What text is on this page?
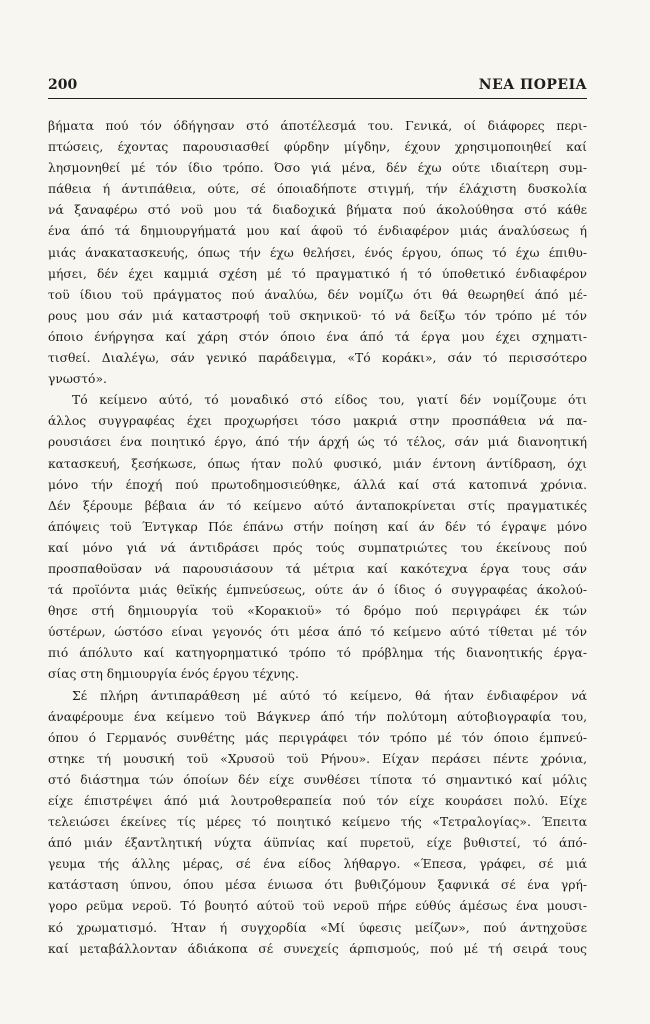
200	ΝΕΑ ΠΟΡΕΙΑ

βήματα πού τόν όδήγησαν στό άποτέλεσμά του. Γενικά, οί διάφορες περι-
πτώσεις, έχοντας παρουσιασθεί φύρδην μίγδην, έχουν χρησιμοποιηθεί καί
λησμονηθεί μέ τόν ίδιο τρόπο. Όσο γιά μένα, δέν έχω ούτε ιδιαίτερη συμ-
πάθεια ή άντιπάθεια, ούτε, σέ όποιαδήποτε στιγμή, τήν έλάχιστη δυσκολία
νά ξαναφέρω στό νοϋ μου τά διαδοχικά βήματα πού άκολούθησα στό κάθε
ένα άπό τά δημιουργήματά μου καί άφοϋ τό ένδιαφέρον μιάς άναλύσεως ή
μιάς άνακατασκευής, όπως τήν έχω θελήσει, ένός έργου, όπως τό έχω έπιθυ-
μήσει, δέν έχει καμμιά σχέση μέ τό πραγματικό ή τό ύποθετικό ένδιαφέρον
τοϋ ίδιου τοϋ πράγματος πού άναλύω, δέν νομίζω ότι θά θεωρηθεί άπό μέ-
ρους μου σάν μιά καταστροφή τοϋ σκηνικοϋ· τό νά δείξω τόν τρόπο μέ τόν
όποιο ένήργησα καί χάρη στόν όποιο ένα άπό τά έργα μου έχει σχηματι-
τισθεί. Διαλέγω, σάν γενικό παράδειγμα, «Τό κοράκι», σάν τό περισσότερο
γνωστό».

Τό κείμενο αύτό, τό μοναδικό στό είδος του, γιατί δέν νομίζουμε ότι
άλλος συγγραφέας έχει προχωρήσει τόσο μακριά στην προσπάθεια νά πα-
ρουσιάσει ένα ποιητικό έργο, άπό τήν άρχή ώς τό τέλος, σάν μιά διανοητική
κατασκευή, ξεσήκωσε, όπως ήταν πολύ φυσικό, μιάν έντονη άντίδραση, όχι
μόνο τήν έποχή πού πρωτοδημοσιεύθηκε, άλλά καί στά κατοπινά χρόνια.
Δέν ξέρουμε βέβαια άν τό κείμενο αύτό άνταποκρίνεται στίς πραγματικές
άπόψεις τοϋ Έντγκαρ Πόε έπάνω στήν ποίηση καί άν δέν τό έγραψε μόνο
καί μόνο γιά νά άντιδράσει πρός τούς συμπατριώτες του έκείνους πού
προσπαθοϋσαν νά παρουσιάσουν τά μέτρια καί κακότεχνα έργα τους σάν
τά προϊόντα μιάς θεϊκής έμπνεύσεως, ούτε άν ό ίδιος ό συγγραφέας άκολού-
θησε στή δημιουργία τοϋ «Κορακιοϋ» τό δρόμο πού περιγράφει έκ τών
ύστέρων, ώστόσο είναι γεγονός ότι μέσα άπό τό κείμενο αύτό τίθεται μέ τόν
πιό άπόλυτο καί κατηγορηματικό τρόπο τό πρόβλημα τής διανοητικής έργα-
σίας στη δημιουργία ένός έργου τέχνης.

Σέ πλήρη άντιπαράθεση μέ αύτό τό κείμενο, θά ήταν ένδιαφέρον νά
άναφέρουμε ένα κείμενο τοϋ Βάγκνερ άπό τήν πολύτομη αύτοβιογραφία του,
όπου ό Γερμανός συνθέτης μάς περιγράφει τόν τρόπο μέ τόν όποιο έμπνεύ-
στηκε τή μουσική τοϋ «Χρυσοϋ τοϋ Ρήνου». Είχαν περάσει πέντε χρόνια,
στό διάστημα τών όποίων δέν είχε συνθέσει τίποτα τό σημαντικό καί μόλις
είχε έπιστρέψει άπό μιά λουτροθεραπεία πού τόν είχε κουράσει πολύ. Είχε
τελειώσει έκείνες τίς μέρες τό ποιητικό κείμενο τής «Τετραλογίας». Έπειτα
άπό μιάν έξαντλητική νύχτα άϋπνίας καί πυρετοϋ, είχε βυθιστεί, τό άπό-
γευμα τής άλλης μέρας, σέ ένα είδος λήθαργο. «Έπεσα, γράφει, σέ μιά
κατάσταση ύπνου, όπου μέσα ένιωσα ότι βυθιζόμουν ξαφνικά σέ ένα γρή-
γορο ρεϋμα νεροϋ. Τό βουητό αύτοϋ τοϋ νεροϋ πήρε εύθύς άμέσως ένα μουσι-
κό χρωματισμό. Ήταν ή συγχορδία «Μί ύφεσις μείζων», πού άντηχοϋσε
καί μεταβάλλονταν άδιάκοπα σέ συνεχείς άρπισμούς, πού μέ τή σειρά τους
